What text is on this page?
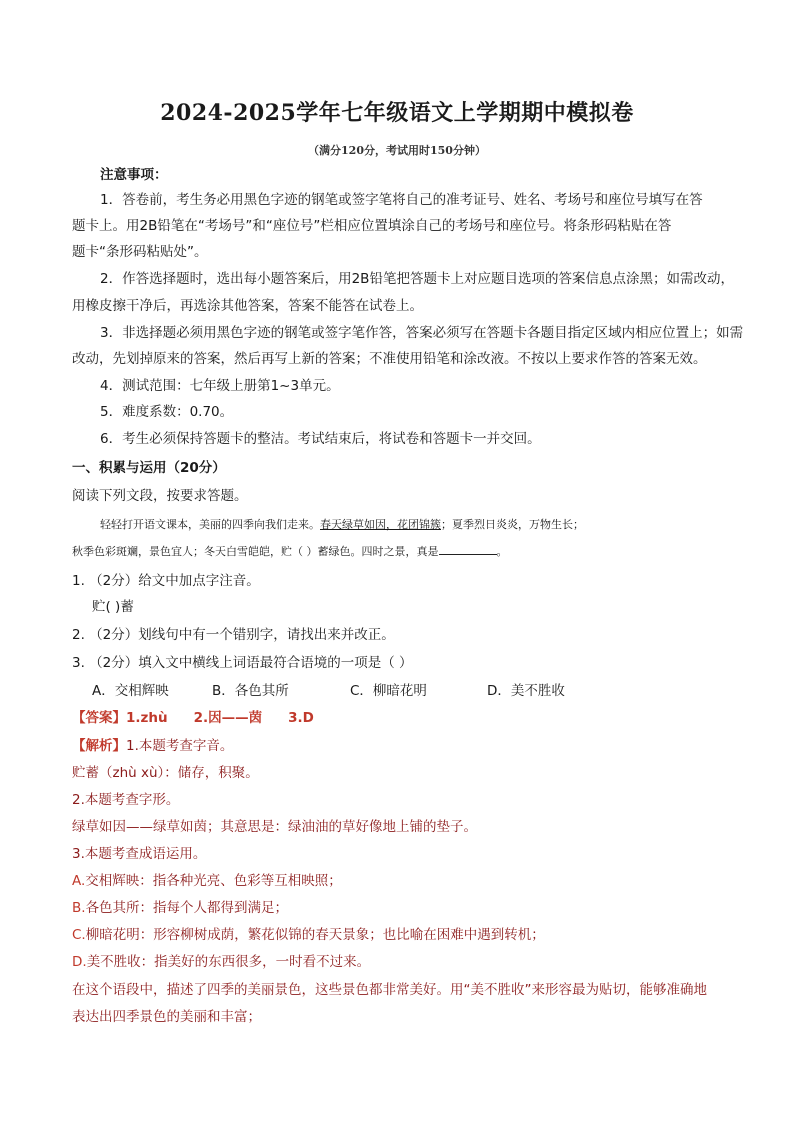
2024-2025学年七年级语文上学期期中模拟卷
（满分120分，考试用时150分钟）
注意事项：
1．答卷前，考生务必用黑色字迹的钢笔或签字笔将自己的准考证号、姓名、考场号和座位号填写在答
题卡上。用2B铅笔在“考场号”和“座位号”栏相应位置填涂自己的考场号和座位号。将条形码粘贴在答
题卡“条形码粘贴处”。
2．作答选择题时，选出每小题答案后，用2B铅笔把答题卡上对应题目选项的答案信息点涂黑；如需改动，
用橡皮擦干净后，再选涂其他答案，答案不能答在试卷上。
3．非选择题必须用黑色字迹的钢笔或签字笔作答，答案必须写在答题卡各题目指定区域内相应位置上；如需
改动，先划掉原来的答案，然后再写上新的答案；不准使用铅笔和涂改液。不按以上要求作答的答案无效。
4．测试范围：七年级上册第1~3单元。
5．难度系数：0.70。
6．考生必须保持答题卡的整洁。考试结束后，将试卷和答题卡一并交回。
一、积累与运用（20分）
阅读下列文段，按要求答题。
轻轻打开语文课本，美丽的四季向我们走来。春天绿草如因，花团锦簇；夏季烈日炎炎，万物生长；
秋季色彩斑斓，景色宜人；冬天白雪皑皑，贮（ ）蓄绿色。四时之景，真是	。
1. （2分）给文中加点字注音。
贮( )蓄
2. （2分）划线句中有一个错别字，请找出来并改正。
3. （2分）填入文中横线上词语最符合语境的一项是（ ）
A．交相辉映	B．各色其所	C．柳暗花明	D．美不胜收
【答案】1.zhù 2.因——茵 3.D
【解析】1.本题考查字音。
贮蓄（zhù xù）：储存，积聚。
2.本题考查字形。
绿草如因——绿草如茵；其意思是：绿油油的草好像地上铺的垫子。
3.本题考查成语运用。
A.交相辉映：指各种光亮、色彩等互相映照；
B.各色其所：指每个人都得到满足；
C.柳暗花明：形容柳树成荫，繁花似锦的春天景象；也比喻在困难中遇到转机；
D.美不胜收：指美好的东西很多，一时看不过来。
在这个语段中，描述了四季的美丽景色，这些景色都非常美好。用“美不胜收”来形容最为贴切，能够准确地
表达出四季景色的美丽和丰富；
